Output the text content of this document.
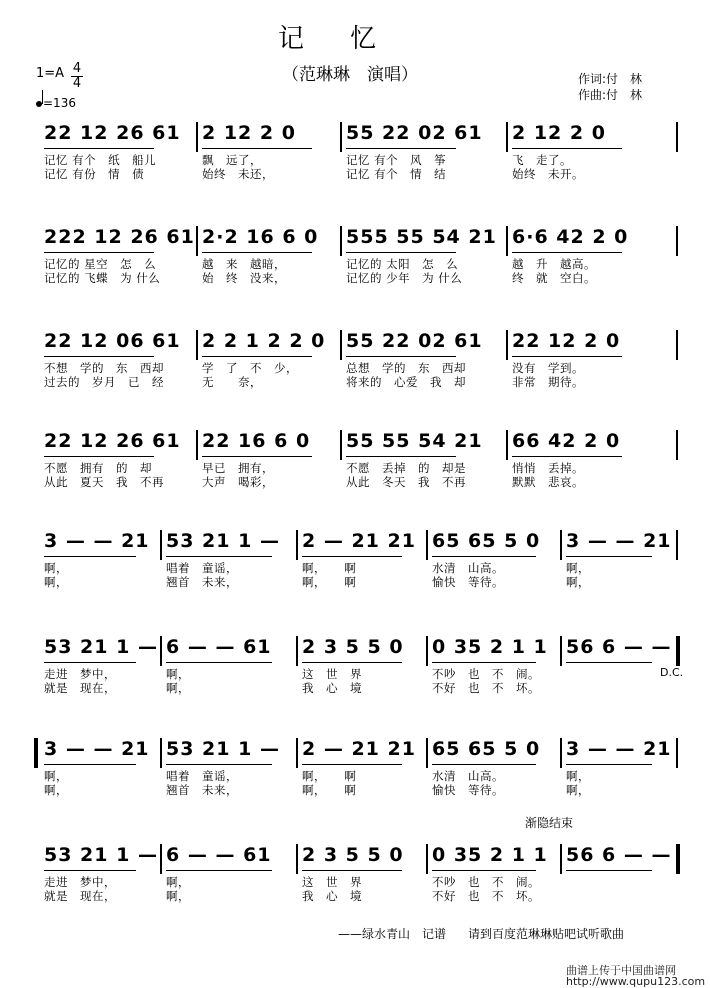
记忆
（范琳琳　演唱）
1=A 4
4
=136
作词:付　林
作曲:付　林
22 12 26 61
记忆 有个　纸　船儿
记忆 有份　情　债
2 12 2 0
飘　远了，
始终　未还，
55 22 02 61
记忆 有个　风　筝
记忆 有个　情　结
2 12 2 0
飞　走了。
始终　未开。
222 12 26 61
记忆的 星空　怎　么
记忆的 飞蝶　为 什么
2·2 16 6 0
越　来　越暗，
始　终　没来，
555 55 54 21
记忆的 太阳　怎　么
记忆的 少年　为 什么
6·6 42 2 0
越　升　越高。
终　就　空白。
22 12 06 61
不想　学的　东　西却
过去的　岁月　已　经
2 2 1 2 2 0
学　了　不　少，
无　　奈，
55 22 02 61
总想　学的　东　西却
将来的　心爱　我　却
22 12 2 0
没有　学到。
非常　期待。
22 12 26 61
不愿　拥有　的　却
从此　夏天　我　不再
22 16 6 0
早已　拥有，
大声　喝彩，
55 55 54 21
不愿　丢掉　的　却是
从此　冬天　我　不再
66 42 2 0
悄悄　丢掉。
默默　悲哀。
3 — — 21
啊，
啊，
53 21 1 —
唱着　童谣，
翘首　未来，
2 — 21 21
啊，　　啊
啊，　　啊
65 65 5 0
水清　山高。
愉快　等待。
3 — — 21
啊，
啊，
53 21 1 —
走进　梦中，
就是　现在，
6 — — 61
啊，
啊，
2 3 5 5 0
这　世　界
我　心　境
0 35 2 1 1
不吵　也　不　闹。
不好　也　不　坏。
56 6 — —
D.C.
3 — — 21
啊，
啊，
53 21 1 —
唱着　童谣，
翘首　未来，
2 — 21 21
啊，　　啊
啊，　　啊
65 65 5 0
水清　山高。
愉快　等待。
3 — — 21
啊，
啊，
53 21 1 —
走进　梦中，
就是　现在，
6 — — 61
啊，
啊，
2 3 5 5 0
这　世　界
我　心　境
0 35 2 1 1
不吵　也　不　闹。
不好　也　不　坏。
56 6 — —
渐隐结束
——绿水青山　记谱 请到百度范琳琳贴吧试听歌曲
曲谱上传于中国曲谱网
http://www.qupu123.com
